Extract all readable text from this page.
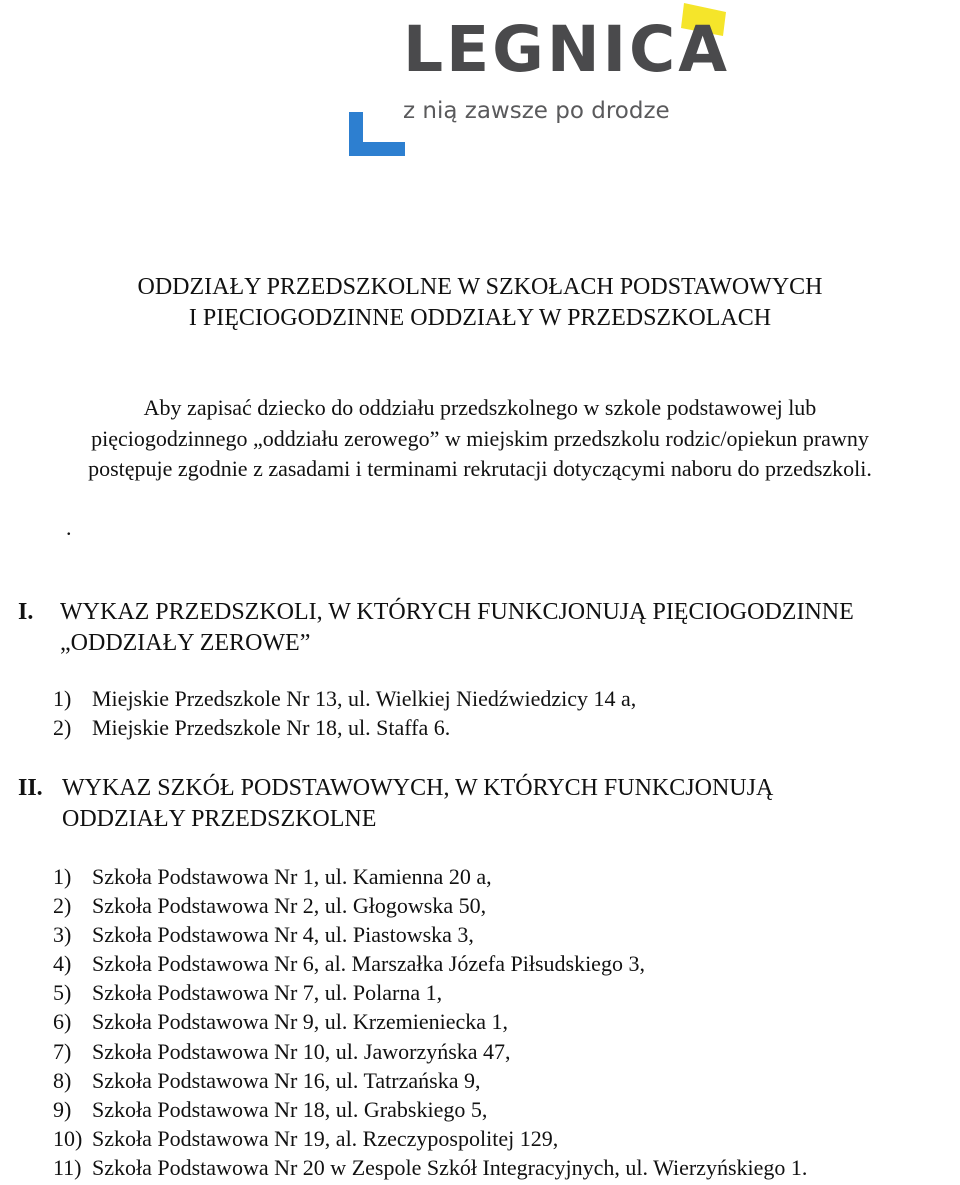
LEGNICA
z nią zawsze po drodze
ODDZIAŁY PRZEDSZKOLNE W SZKOŁACH PODSTAWOWYCH
I PIĘCIOGODZINNE ODDZIAŁY W PRZEDSZKOLACH
Aby zapisać dziecko do oddziału przedszkolnego w szkole podstawowej lub
pięciogodzinnego „oddziału zerowego” w miejskim przedszkolu rodzic/opiekun prawny
postępuje zgodnie z zasadami i terminami rekrutacji dotyczącymi naboru do przedszkoli.
.
I. WYKAZ PRZEDSZKOLI, W KTÓRYCH FUNKCJONUJĄ PIĘCIOGODZINNE
„ODDZIAŁY ZEROWE”
1) Miejskie Przedszkole Nr 13, ul. Wielkiej Niedźwiedzicy 14 a,
2) Miejskie Przedszkole Nr 18, ul. Staffa 6.
II. WYKAZ SZKÓŁ PODSTAWOWYCH, W KTÓRYCH FUNKCJONUJĄ
ODDZIAŁY PRZEDSZKOLNE
1) Szkoła Podstawowa Nr 1, ul. Kamienna 20 a,
2) Szkoła Podstawowa Nr 2, ul. Głogowska 50,
3) Szkoła Podstawowa Nr 4, ul. Piastowska 3,
4) Szkoła Podstawowa Nr 6, al. Marszałka Józefa Piłsudskiego 3,
5) Szkoła Podstawowa Nr 7, ul. Polarna 1,
6) Szkoła Podstawowa Nr 9, ul. Krzemieniecka 1,
7) Szkoła Podstawowa Nr 10, ul. Jaworzyńska 47,
8) Szkoła Podstawowa Nr 16, ul. Tatrzańska 9,
9) Szkoła Podstawowa Nr 18, ul. Grabskiego 5,
10) Szkoła Podstawowa Nr 19, al. Rzeczypospolitej 129,
11) Szkoła Podstawowa Nr 20 w Zespole Szkół Integracyjnych, ul. Wierzyńskiego 1.
